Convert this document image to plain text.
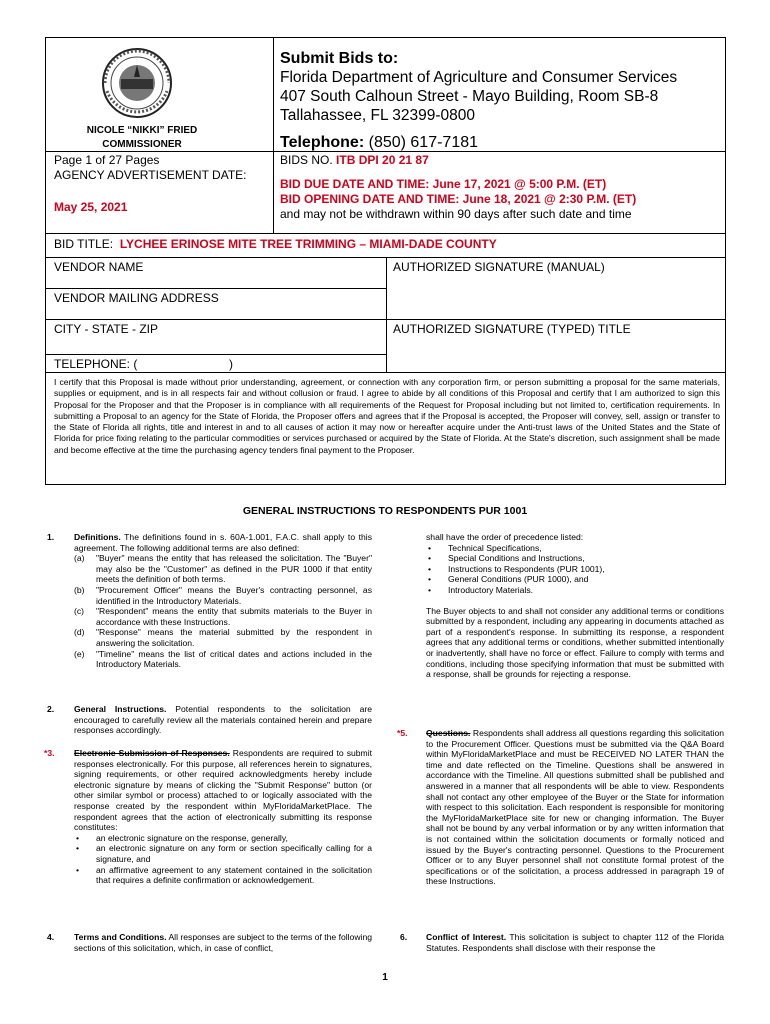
NICOLE “NIKKI” FRIED
COMMISSIONER
Submit Bids to:
Florida Department of Agriculture and Consumer Services
407 South Calhoun Street - Mayo Building, Room SB-8
Tallahassee, FL 32399-0800
Telephone: (850) 617-7181
Page 1 of 27 Pages
AGENCY ADVERTISEMENT DATE:
May 25, 2021
BIDS NO. ITB DPI 20 21 87
BID DUE DATE AND TIME: June 17, 2021 @ 5:00 P.M. (ET)
BID OPENING DATE AND TIME: June 18, 2021 @ 2:30 P.M. (ET)
and may not be withdrawn within 90 days after such date and time
BID TITLE: LYCHEE ERINOSE MITE TREE TRIMMING – MIAMI-DADE COUNTY
VENDOR NAME	AUTHORIZED SIGNATURE (MANUAL)
VENDOR MAILING ADDRESS
CITY - STATE - ZIP	AUTHORIZED SIGNATURE (TYPED) TITLE
TELEPHONE: (	)
I certify that this Proposal is made without prior understanding, agreement, or connection with any corporation firm, or person submitting a proposal for the same materials, supplies or equipment, and is in all respects fair and without collusion or fraud. I agree to abide by all conditions of this Proposal and certify that I am authorized to sign this Proposal for the Proposer and that the Proposer is in compliance with all requirements of the Request for Proposal including but not limited to, certification requirements. In submitting a Proposal to an agency for the State of Florida, the Proposer offers and agrees that if the Proposal is accepted, the Proposer will convey, sell, assign or transfer to the State of Florida all rights, title and interest in and to all causes of action it may now or hereafter acquire under the Anti-trust laws of the United States and the State of Florida for price fixing relating to the particular commodities or services purchased or acquired by the State of Florida. At the State's discretion, such assignment shall be made and become effective at the time the purchasing agency tenders final payment to the Proposer.
GENERAL INSTRUCTIONS TO RESPONDENTS PUR 1001
1. Definitions. The definitions found in s. 60A-1.001, F.A.C. shall apply to this agreement. The following additional terms are also defined:

(a) "Buyer" means the entity that has released the solicitation. The "Buyer" may also be the "Customer" as defined in the PUR 1000 if that entity meets the definition of both terms.
(b) "Procurement Officer" means the Buyer's contracting personnel, as identified in the Introductory Materials.
(c) "Respondent" means the entity that submits materials to the Buyer in accordance with these Instructions.
(d) "Response" means the material submitted by the respondent in answering the solicitation.
(e) "Timeline" means the list of critical dates and actions included in the Introductory Materials.
2. General Instructions. Potential respondents to the solicitation are encouraged to carefully review all the materials contained herein and prepare responses accordingly.
*3. Electronic Submission of Responses. Respondents are required to submit responses electronically. For this purpose, all references herein to signatures, signing requirements, or other required acknowledgments hereby include electronic signature by means of clicking the "Submit Response" button (or other similar symbol or process) attached to or logically associated with the response created by the respondent within MyFloridaMarketPlace. The respondent agrees that the action of electronically submitting its response constitutes:

• an electronic signature on the response, generally,
• an electronic signature on any form or section specifically calling for a signature, and
• an affirmative agreement to any statement contained in the solicitation that requires a definite confirmation or acknowledgement.
4. Terms and Conditions. All responses are subject to the terms of the following sections of this solicitation, which, in case of conflict,

shall have the order of precedence listed:

• Technical Specifications,
• Special Conditions and Instructions,
• Instructions to Respondents (PUR 1001),
• General Conditions (PUR 1000), and
• Introductory Materials.

The Buyer objects to and shall not consider any additional terms or conditions submitted by a respondent, including any appearing in documents attached as part of a respondent's response. In submitting its response, a respondent agrees that any additional terms or conditions, whether submitted intentionally or inadvertently, shall have no force or effect. Failure to comply with terms and conditions, including those specifying information that must be submitted with a response, shall be grounds for rejecting a response.

*5. Questions. Respondents shall address all questions regarding this solicitation to the Procurement Officer. Questions must be submitted via the Q&A Board within MyFloridaMarketPlace and must be RECEIVED NO LATER THAN the time and date reflected on the Timeline. Questions shall be answered in accordance with the Timeline. All questions submitted shall be published and answered in a manner that all respondents will be able to view. Respondents shall not contact any other employee of the Buyer or the State for information with respect to this solicitation. Each respondent is responsible for monitoring the MyFloridaMarketPlace site for new or changing information. The Buyer shall not be bound by any verbal information or by any written information that is not contained within the solicitation documents or formally noticed and issued by the Buyer's contracting personnel. Questions to the Procurement Officer or to any Buyer personnel shall not constitute formal protest of the specifications or of the solicitation, a process addressed in paragraph 19 of these Instructions.
6. Conflict of Interest. This solicitation is subject to chapter 112 of the Florida Statutes. Respondents shall disclose with their response the
1
